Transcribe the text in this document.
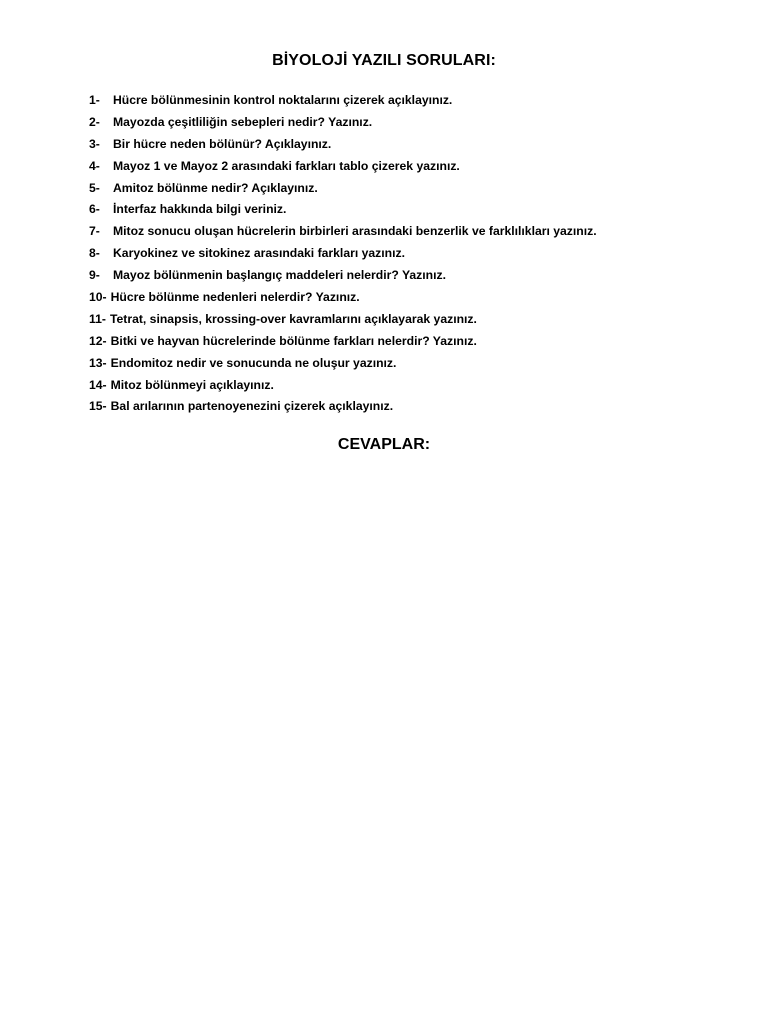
BİYOLOJİ YAZILI SORULARI:
1- Hücre bölünmesinin kontrol noktalarını çizerek açıklayınız.
2- Mayozda çeşitliliğin sebepleri nedir? Yazınız.
3- Bir hücre neden bölünür? Açıklayınız.
4- Mayoz 1 ve Mayoz 2 arasındaki farkları tablo çizerek yazınız.
5- Amitoz bölünme nedir? Açıklayınız.
6- İnterfaz hakkında bilgi veriniz.
7- Mitoz sonucu oluşan hücrelerin birbirleri arasındaki benzerlik ve farklılıkları yazınız.
8- Karyokinez ve sitokinez arasındaki farkları yazınız.
9- Mayoz bölünmenin başlangıç maddeleri nelerdir? Yazınız.
10- Hücre bölünme nedenleri nelerdir? Yazınız.
11- Tetrat, sinapsis, krossing-over kavramlarını açıklayarak yazınız.
12- Bitki ve hayvan hücrelerinde bölünme farkları nelerdir? Yazınız.
13- Endomitoz nedir ve sonucunda ne oluşur yazınız.
14- Mitoz bölünmeyi açıklayınız.
15- Bal arılarının partenoyenezini çizerek açıklayınız.
CEVAPLAR:
